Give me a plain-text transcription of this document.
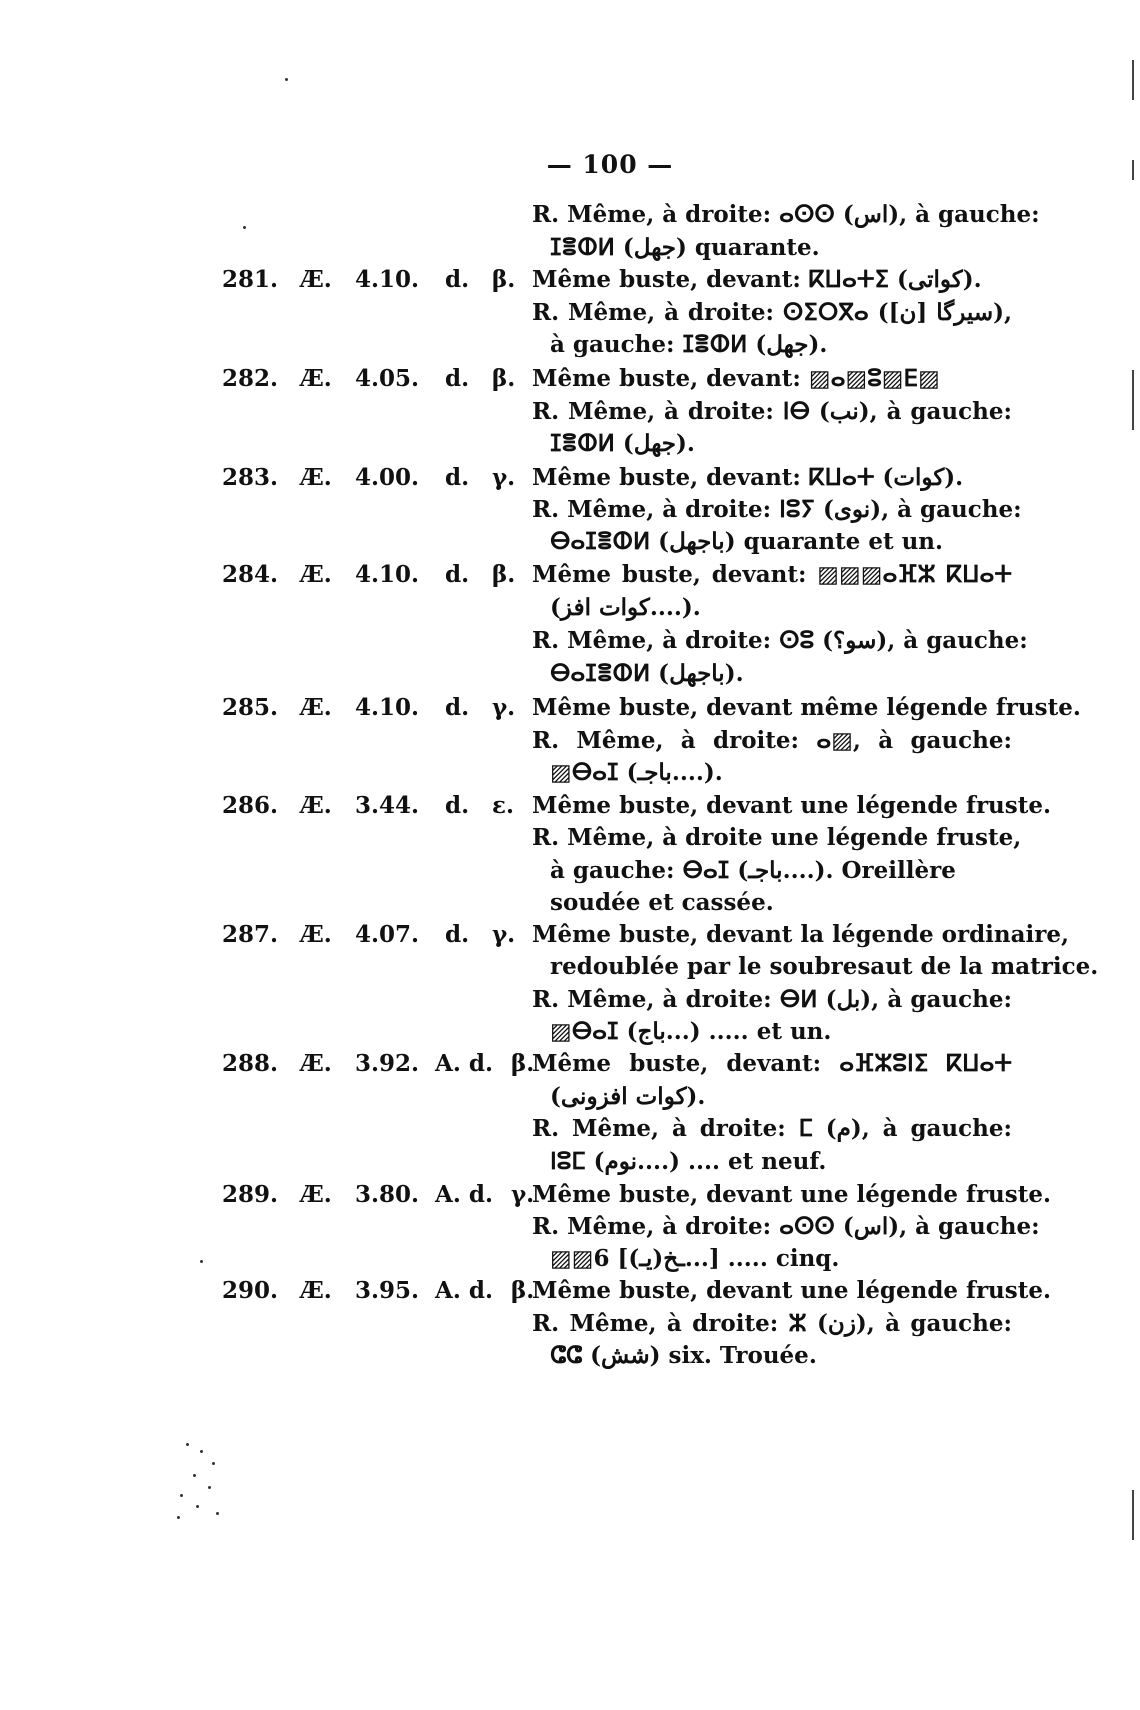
— 100 —
R. Même, à droite: ⴰⵙⵙ (اس), à gauche:
ⵊⴻⵀⵍ (جهل) quarante.
281. Æ. 4.10. d. β. Même buste, devant: ⴽⵡⴰⵜⵉ (كواتى).
R. Même, à droite: ⵙⵉⵔⴳⴰ ([ن] سيرگا),
à gauche: ⵊⴻⵀⵍ (جهل).
282. Æ. 4.05. d. β. Même buste, devant: ▨ⴰ▨ⵓ▨ⴹ▨
R. Même, à droite: ⵏⴱ (نب), à gauche:
ⵊⴻⵀⵍ (جهل).
283. Æ. 4.00. d. γ. Même buste, devant: ⴽⵡⴰⵜ (كوات).
R. Même, à droite: ⵏⵓⵢ (نوى), à gauche:
ⴱⴰⵊⴻⵀⵍ (باجهل) quarante et un.
284. Æ. 4.10. d. β. Même buste, devant: ▨▨▨ⴰⴼⵣ ⴽⵡⴰⵜ
(كوات افز....).
R. Même, à droite: ⵙⵓ (سو؟), à gauche:
ⴱⴰⵊⴻⵀⵍ (باجهل).
285. Æ. 4.10. d. γ. Même buste, devant même légende fruste.
R. Même, à droite: ⴰ▨, à gauche:
▨ⴱⴰⵊ (باجـ....).
286. Æ. 3.44. d. ε. Même buste, devant une légende fruste.
R. Même, à droite une légende fruste,
à gauche: ⴱⴰⵊ (باجـ....). Oreillère
soudée et cassée.
287. Æ. 4.07. d. γ. Même buste, devant la légende ordinaire,
redoublée par le soubresaut de la matrice.
R. Même, à droite: ⴱⵍ (بل), à gauche:
▨ⴱⴰⵊ (باج...) ..... et un.
288. Æ. 3.92. A. d. β.
Même buste, devant: ⴰⴼⵣⵓⵏⵉ ⴽⵡⴰⵜ
(كوات افزونى).
R. Même, à droite: ⵎ (م), à gauche:
ⵏⵓⵎ (نوم....) .... et neuf.
289. Æ. 3.80. A. d. γ.
Même buste, devant une légende fruste.
R. Même, à droite: ⴰⵙⵙ (اس), à gauche:
▨▨6 [(يـ)ـخ...] ..... cinq.
290. Æ. 3.95. A. d. β.
Même buste, devant une légende fruste.
R. Même, à droite: ⵣ (زن), à gauche:
ⵛⵛ (شش) six. Trouée.
